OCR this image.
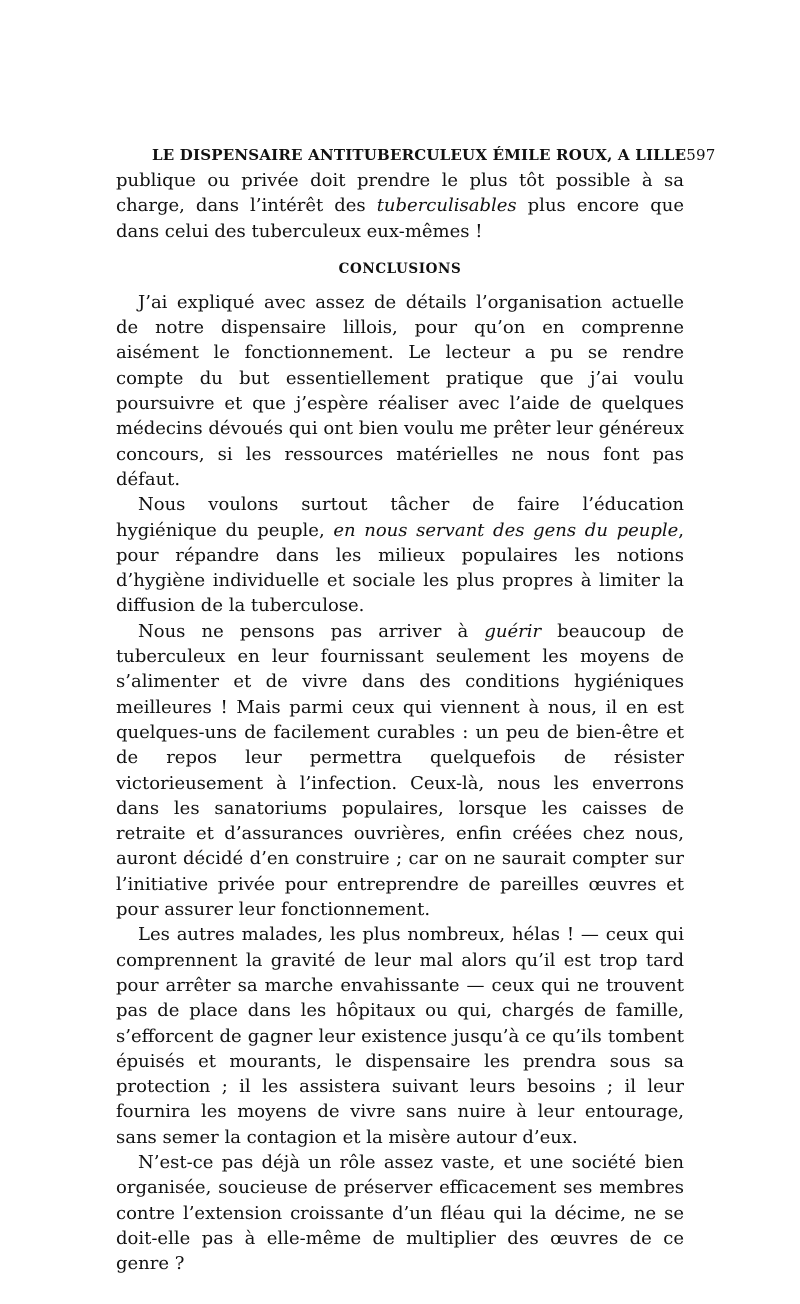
LE DISPENSAIRE ANTITUBERCULEUX ÉMILE ROUX, A LILLE 597

publique ou privée doit prendre le plus tôt possible à sa charge, dans l’intérêt des tuberculisables plus encore que dans celui des tuberculeux eux-mêmes !

CONCLUSIONS

J’ai expliqué avec assez de détails l’organisation actuelle de notre dispensaire lillois, pour qu’on en comprenne aisément le fonctionnement. Le lecteur a pu se rendre compte du but essentiellement pratique que j’ai voulu poursuivre et que j’espère réaliser avec l’aide de quelques médecins dévoués qui ont bien voulu me prêter leur généreux concours, si les ressources matérielles ne nous font pas défaut.

Nous voulons surtout tâcher de faire l’éducation hygiénique du peuple, en nous servant des gens du peuple, pour répandre dans les milieux populaires les notions d’hygiène individuelle et sociale les plus propres à limiter la diffusion de la tuberculose.

Nous ne pensons pas arriver à guérir beaucoup de tuberculeux en leur fournissant seulement les moyens de s’alimenter et de vivre dans des conditions hygiéniques meilleures ! Mais parmi ceux qui viennent à nous, il en est quelques-uns de facilement curables : un peu de bien-être et de repos leur permettra quelquefois de résister victorieusement à l’infection. Ceux-là, nous les enverrons dans les sanatoriums populaires, lorsque les caisses de retraite et d’assurances ouvrières, enfin créées chez nous, auront décidé d’en construire ; car on ne saurait compter sur l’initiative privée pour entreprendre de pareilles œuvres et pour assurer leur fonctionnement.

Les autres malades, les plus nombreux, hélas ! — ceux qui comprennent la gravité de leur mal alors qu’il est trop tard pour arrêter sa marche envahissante — ceux qui ne trouvent pas de place dans les hôpitaux ou qui, chargés de famille, s’efforcent de gagner leur existence jusqu’à ce qu’ils tombent épuisés et mourants, le dispensaire les prendra sous sa protection ; il les assistera suivant leurs besoins ; il leur fournira les moyens de vivre sans nuire à leur entourage, sans semer la contagion et la misère autour d’eux.

N’est-ce pas déjà un rôle assez vaste, et une société bien organisée, soucieuse de préserver efficacement ses membres contre l’extension croissante d’un fléau qui la décime, ne se doit-elle pas à elle-même de multiplier des œuvres de ce genre ?
